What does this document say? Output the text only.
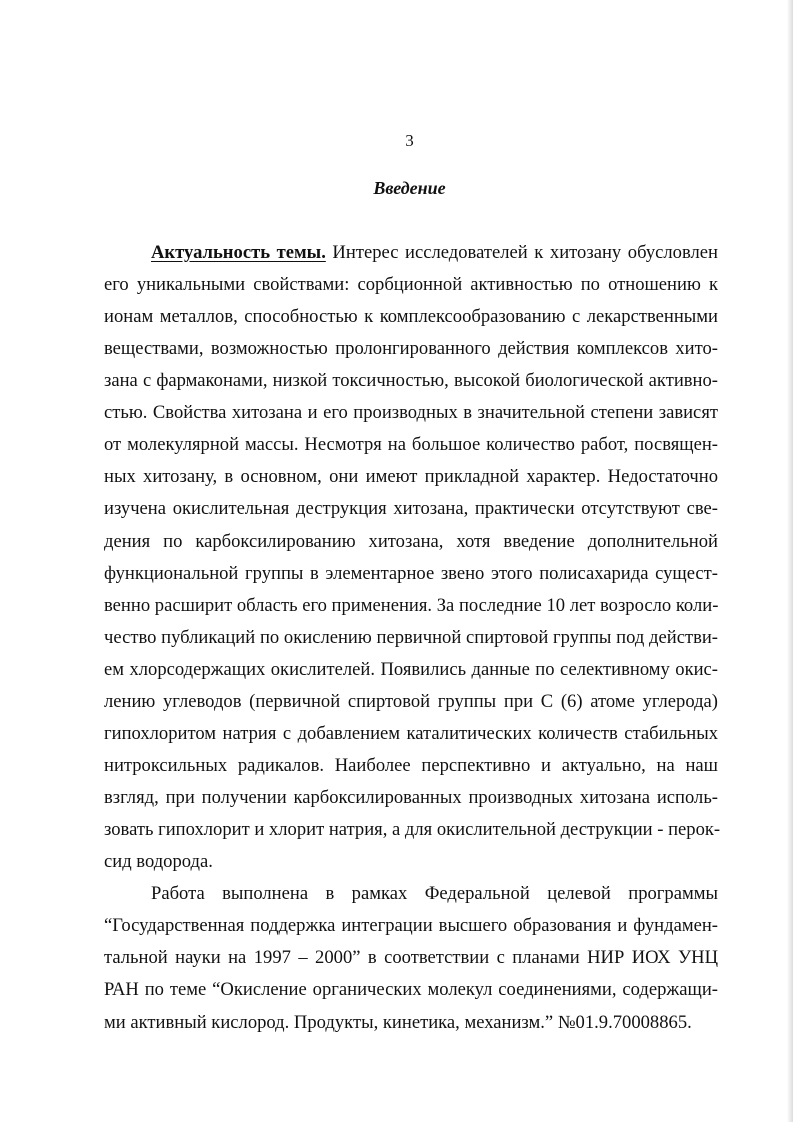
3
Введение
Актуальность темы. Интерес исследователей к хитозану обусловлен
его уникальными свойствами: сорбционной активностью по отношению к
ионам металлов, способностью к комплексообразованию с лекарственными
веществами, возможностью пролонгированного действия комплексов хито-
зана с фармаконами, низкой токсичностью, высокой биологической активно-
стью. Свойства хитозана и его производных в значительной степени зависят
от молекулярной массы. Несмотря на большое количество работ, посвящен-
ных хитозану, в основном, они имеют прикладной характер. Недостаточно
изучена окислительная деструкция хитозана, практически отсутствуют све-
дения по карбоксилированию хитозана, хотя введение дополнительной
функциональной группы в элементарное звено этого полисахарида сущест-
венно расширит область его применения. За последние 10 лет возросло коли-
чество публикаций по окислению первичной спиртовой группы под действи-
ем хлорсодержащих окислителей. Появились данные по селективному окис-
лению углеводов (первичной спиртовой группы при С (6) атоме углерода)
гипохлоритом натрия с добавлением каталитических количеств стабильных
нитроксильных радикалов. Наиболее перспективно и актуально, на наш
взгляд, при получении карбоксилированных производных хитозана исполь-
зовать гипохлорит и хлорит натрия, а для окислительной деструкции - перок-
сид водорода.
Работа выполнена в рамках Федеральной целевой программы
“Государственная поддержка интеграции высшего образования и фундамен-
тальной науки на 1997 – 2000” в соответствии с планами НИР ИОХ УНЦ
РАН по теме “Окисление органических молекул соединениями, содержащи-
ми активный кислород. Продукты, кинетика, механизм.” №01.9.70008865.
